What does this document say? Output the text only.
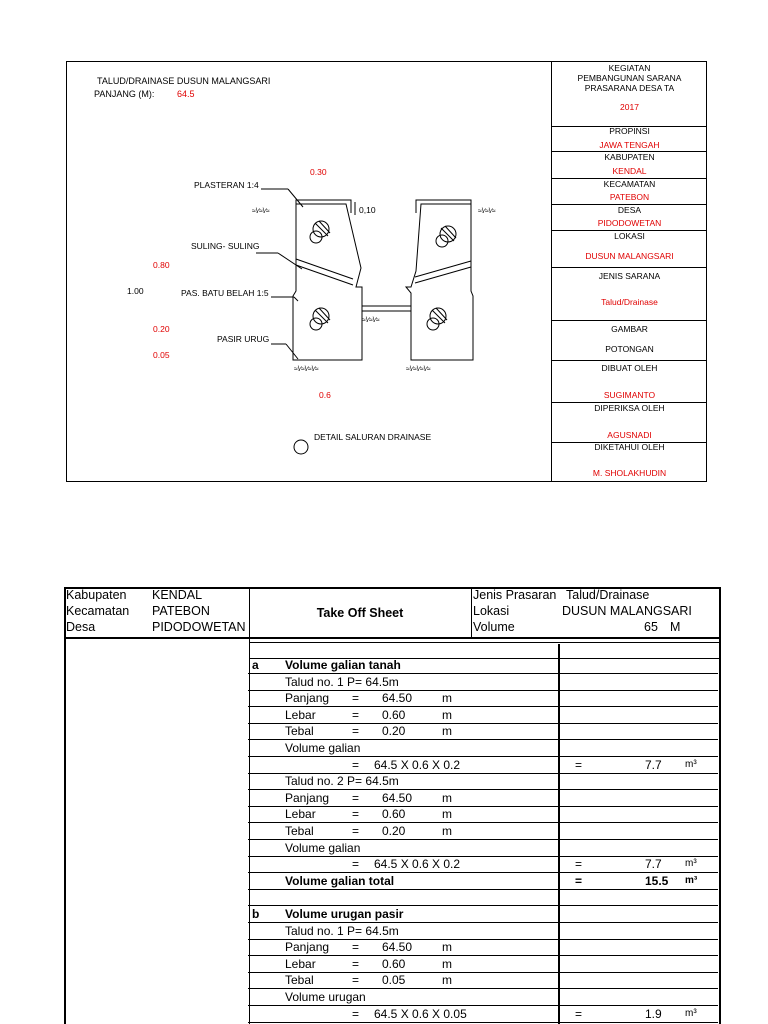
TALUD/DRAINASE DUSUN MALANGSARI
PANJANG (M):	64.5
≈\∕≈\∕≈	≈\∕≈\∕≈
≈\∕≈\∕≈
≈\∕≈\∕≈\∕≈	≈\∕≈\∕≈\∕≈
PLASTERAN 1:4
SULING- SULING
PAS. BATU BELAH 1:5
PASIR URUG
DETAIL SALURAN DRAINASE
0,10
0.30
0.80
1.00
0.20
0.05
0.6
KEGIATAN
PEMBANGUNAN SARANA
PRASARANA DESA TA
2017
PROPINSI
JAWA TENGAH
KABUPATEN
KENDAL
KECAMATAN
PATEBON
DESA
PIDODOWETAN
LOKASI
DUSUN MALANGSARI
JENIS SARANA
Talud/Drainase
GAMBAR
POTONGAN
DIBUAT OLEH
SUGIMANTO
DIPERIKSA OLEH
AGUSNADI
DIKETAHUI OLEH
M. SHOLAKHUDIN
Kabupaten KENDAL
Kecamatan PATEBON
Desa	PIDODOWETAN
Take Off Sheet
Jenis Prasaran Talud/Drainase
Lokasi	DUSUN MALANGSARI
Volume	65 M
a Volume galian tanah
Talud no. 1 P= 64.5m
Panjang = 64.50 m
Lebar	= 0.60	m
Tebal	= 0.20	m
Volume galian
= 64.5 X 0.6 X 0.2	=	7.7 m³
Talud no. 2 P= 64.5m
Panjang = 64.50 m
Lebar	= 0.60	m
Tebal	= 0.20	m
Volume galian
= 64.5 X 0.6 X 0.2	=	7.7 m³
Volume galian total	=	15.5 m³
b Volume urugan pasir
Talud no. 1 P= 64.5m
Panjang = 64.50 m
Lebar	= 0.60	m
Tebal	= 0.05	m
Volume urugan
= 64.5 X 0.6 X 0.05	=	1.9 m³
